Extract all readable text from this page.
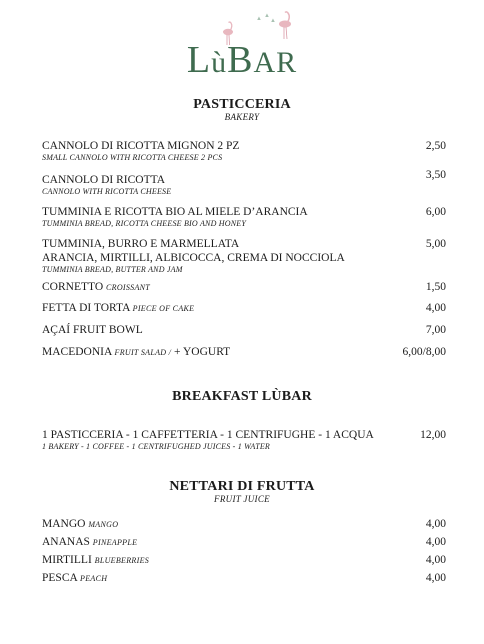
▲ ▲
▲
LùBAR
PASTICCERIA
BAKERY
CANNOLO DI RICOTTA MIGNON 2 PZ
SMALL CANNOLO WITH RICOTTA CHEESE 2 PCS
2,50
CANNOLO DI RICOTTA
CANNOLO WITH RICOTTA CHEESE
3,50
TUMMINIA E RICOTTA BIO AL MIELE D’ARANCIA
TUMMINIA BREAD, RICOTTA CHEESE BIO AND HONEY
6,00
TUMMINIA, BURRO E MARMELLATA
ARANCIA, MIRTILLI, ALBICOCCA, CREMA DI NOCCIOLA
TUMMINIA BREAD, BUTTER AND JAM
5,00
CORNETTO CROISSANT	1,50
FETTA DI TORTA PIECE OF CAKE	4,00
AÇAÍ FRUIT BOWL	7,00
MACEDONIA FRUIT SALAD / + YOGURT	6,00/8,00
BREAKFAST LÙBAR
1 PASTICCERIA - 1 CAFFETTERIA - 1 CENTRIFUGHE - 1 ACQUA
1 BAKERY - 1 COFFEE - 1 CENTRIFUGHED JUICES - 1 WATER
12,00
NETTARI DI FRUTTA
FRUIT JUICE
MANGO MANGO	4,00
ANANAS PINEAPPLE	4,00
MIRTILLI BLUEBERRIES	4,00
PESCA PEACH	4,00
